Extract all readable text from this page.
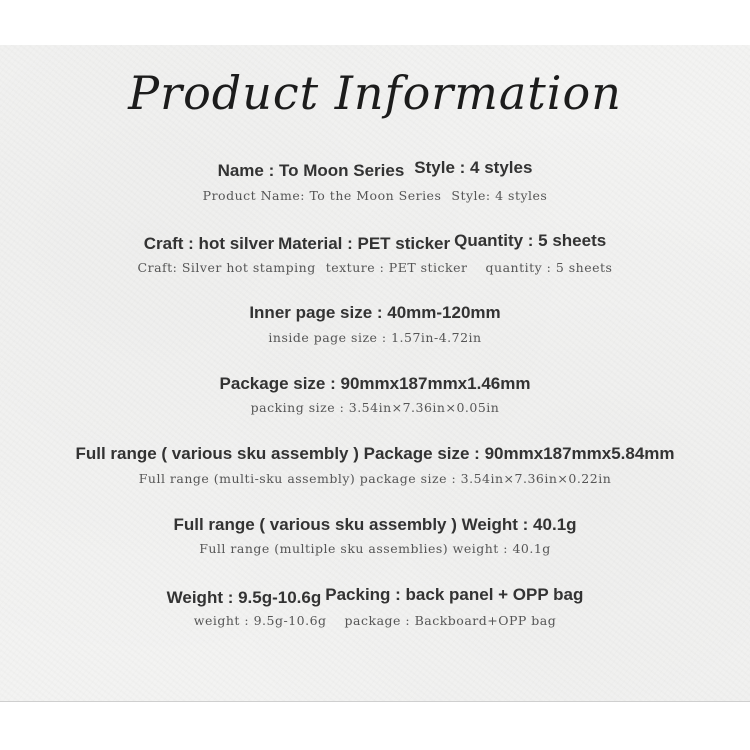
Product Information
Name : To Moon Series Style : 4 styles
Product Name: To the Moon Series Style: 4 styles
Craft : hot silver Material : PET sticker Quantity : 5 sheets
Craft: Silver hot stamping texture : PET sticker quantity : 5 sheets
Inner page size : 40mm-120mm
inside page size : 1.57in-4.72in
Package size : 90mmx187mmx1.46mm
packing size : 3.54in×7.36in×0.05in
Full range ( various sku assembly ) Package size : 90mmx187mmx5.84mm
Full range (multi-sku assembly) package size : 3.54in×7.36in×0.22in
Full range ( various sku assembly ) Weight : 40.1g
Full range (multiple sku assemblies) weight : 40.1g
Weight : 9.5g-10.6g Packing : back panel + OPP bag
weight : 9.5g-10.6g package : Backboard+OPP bag
